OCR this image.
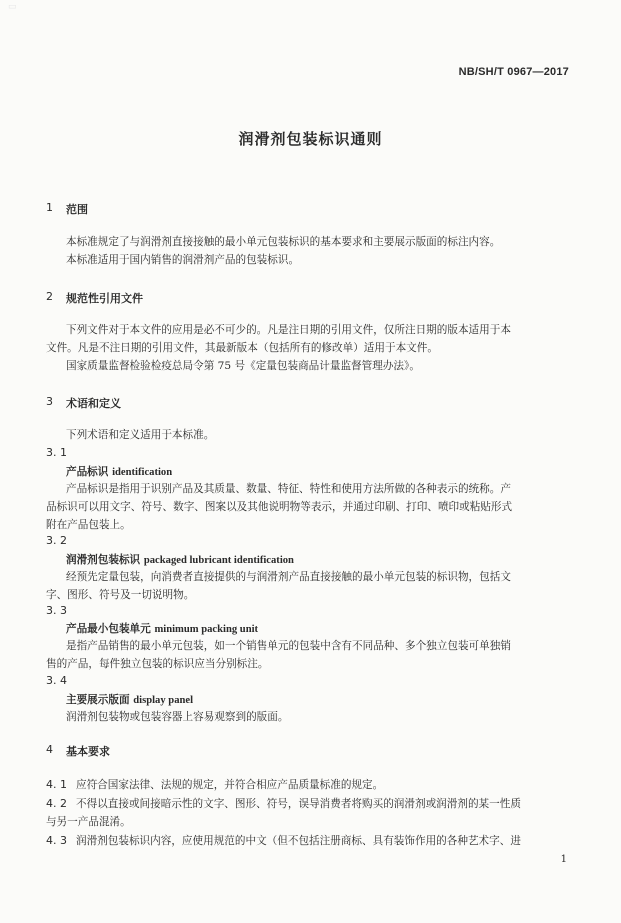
▭
NB/SH/T 0967—2017
润滑剂包装标识通则
1 范围
本标准规定了与润滑剂直接接触的最小单元包装标识的基本要求和主要展示版面的标注内容。
本标准适用于国内销售的润滑剂产品的包装标识。
2 规范性引用文件
下列文件对于本文件的应用是必不可少的。凡是注日期的引用文件，仅所注日期的版本适用于本
文件。凡是不注日期的引用文件，其最新版本（包括所有的修改单）适用于本文件。
国家质量监督检验检疫总局令第 75 号《定量包装商品计量监督管理办法》。
3 术语和定义
下列术语和定义适用于本标准。
3. 1
产品标识 identification
产品标识是指用于识别产品及其质量、数量、特征、特性和使用方法所做的各种表示的统称。产
品标识可以用文字、符号、数字、图案以及其他说明物等表示，并通过印刷、打印、喷印或粘贴形式
附在产品包装上。
3. 2
润滑剂包装标识 packaged lubricant identification
经预先定量包装，向消费者直接提供的与润滑剂产品直接接触的最小单元包装的标识物，包括文
字、图形、符号及一切说明物。
3. 3
产品最小包装单元 minimum packing unit
是指产品销售的最小单元包装，如一个销售单元的包装中含有不同品种、多个独立包装可单独销
售的产品，每件独立包装的标识应当分别标注。
3. 4
主要展示版面 display panel
润滑剂包装物或包装容器上容易观察到的版面。
4 基本要求
4. 1 应符合国家法律、法规的规定，并符合相应产品质量标准的规定。
4. 2 不得以直接或间接暗示性的文字、图形、符号，误导消费者将购买的润滑剂或润滑剂的某一性质
与另一产品混淆。
4. 3 润滑剂包装标识内容，应使用规范的中文（但不包括注册商标、具有装饰作用的各种艺术字、进
1
